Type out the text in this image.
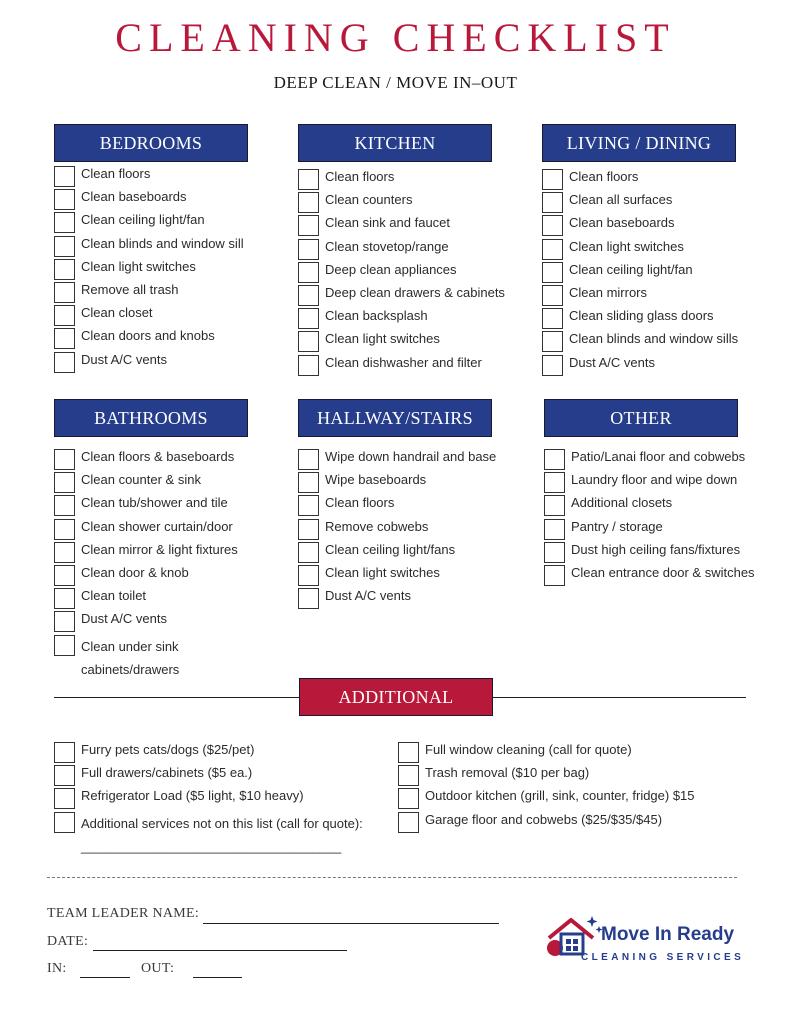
CLEANING CHECKLIST
DEEP CLEAN / MOVE IN–OUT
BEDROOMS
Clean floors
Clean baseboards
Clean ceiling light/fan
Clean blinds and window sill
Clean light switches
Remove all trash
Clean closet
Clean doors and knobs
Dust A/C vents
KITCHEN
Clean floors
Clean counters
Clean sink and faucet
Clean stovetop/range
Deep clean appliances
Deep clean drawers & cabinets
Clean backsplash
Clean light switches
Clean dishwasher and filter
LIVING / DINING
Clean floors
Clean all surfaces
Clean baseboards
Clean light switches
Clean ceiling light/fan
Clean mirrors
Clean sliding glass doors
Clean blinds and window sills
Dust A/C vents
BATHROOMS
Clean floors & baseboards
Clean counter & sink
Clean tub/shower and tile
Clean shower curtain/door
Clean mirror & light fixtures
Clean door & knob
Clean toilet
Dust A/C vents
Clean under sink cabinets/drawers
HALLWAY/STAIRS
Wipe down handrail and base
Wipe baseboards
Clean floors
Remove cobwebs
Clean ceiling light/fans
Clean light switches
Dust A/C vents
OTHER
Patio/Lanai floor and cobwebs
Laundry floor and wipe down
Additional closets
Pantry / storage
Dust high ceiling fans/fixtures
Clean entrance door & switches
ADDITIONAL
Furry pets cats/dogs ($25/pet)
Full drawers/cabinets ($5 ea.)
Refrigerator Load ($5 light, $10 heavy)
Additional services not on this list (call for quote): ____________________________________
Full window cleaning (call for quote)
Trash removal ($10 per bag)
Outdoor kitchen (grill, sink, counter, fridge) $15
Garage floor and cobwebs ($25/$35/$45)
TEAM LEADER NAME:
DATE:
IN:	OUT:
Move In Ready
CLEANING SERVICES
